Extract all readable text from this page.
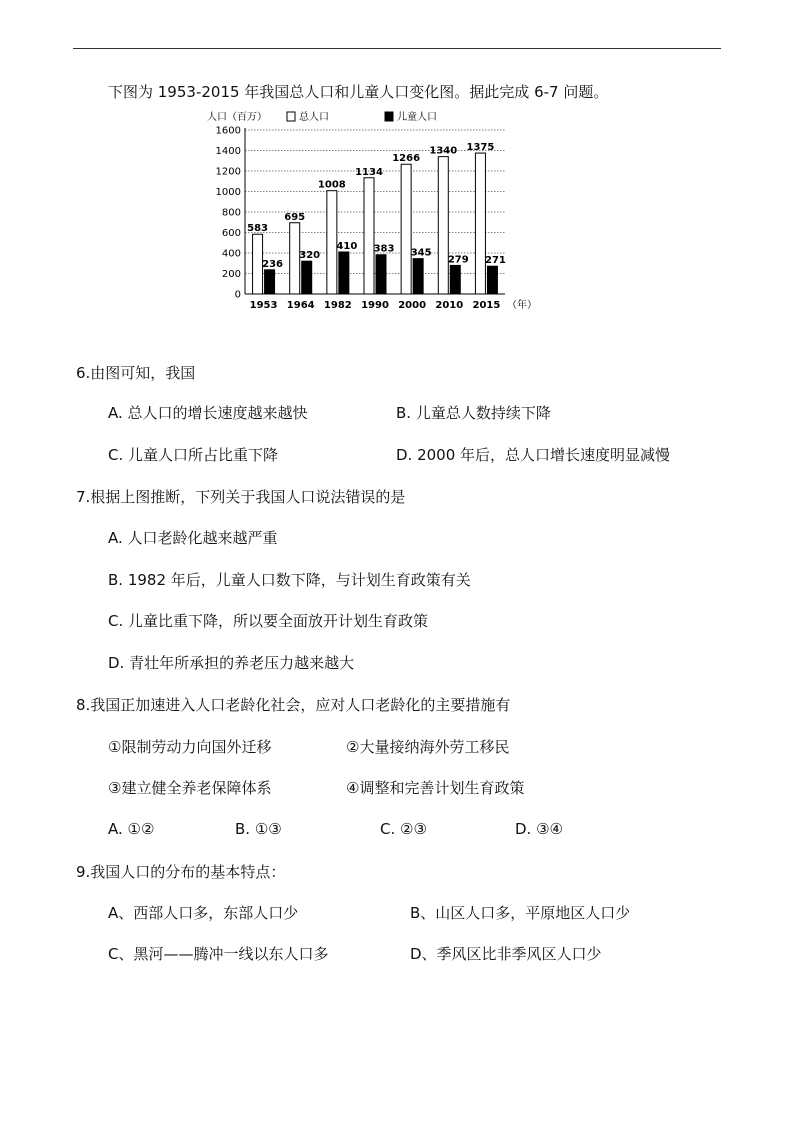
下图为 1953-2015 年我国总人口和儿童人口变化图。据此完成 6-7 问题。
人口（百万）	总人口	儿童人口
0
200
400
600
800
1000
1200
1400
1600
583
236
1953
695
320
1964
1008
410
1982
1134
383
1990
1266
345
2000
1340
279
2010
1375
271
2015 （年）
6.由图可知，我国
A. 总人口的增长速度越来越快	B. 儿童总人数持续下降
C. 儿童人口所占比重下降	D. 2000 年后，总人口增长速度明显减慢
7.根据上图推断，下列关于我国人口说法错误的是
A. 人口老龄化越来越严重
B. 1982 年后，儿童人口数下降，与计划生育政策有关
C. 儿童比重下降，所以要全面放开计划生育政策
D. 青壮年所承担的养老压力越来越大
8.我国正加速进入人口老龄化社会，应对人口老龄化的主要措施有
①限制劳动力向国外迁移	②大量接纳海外劳工移民
③建立健全养老保障体系	④调整和完善计划生育政策
A. ①②	B. ①③	C. ②③	D. ③④
9.我国人口的分布的基本特点：
A、西部人口多，东部人口少	B、山区人口多，平原地区人口少
C、黑河——腾冲一线以东人口多	D、季风区比非季风区人口少
